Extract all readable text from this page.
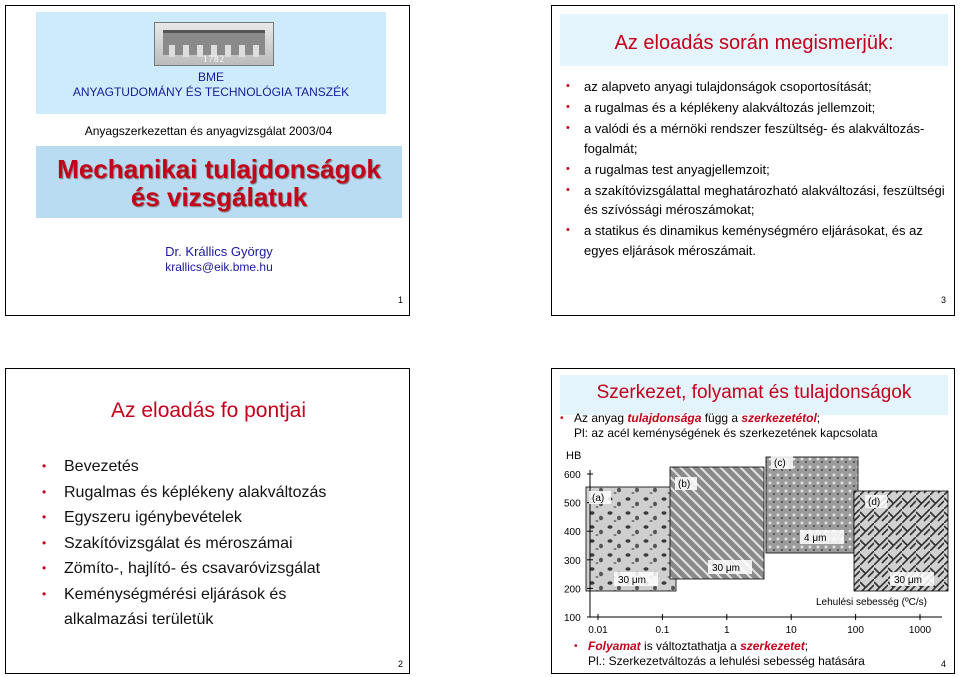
1782
BME
ANYAGTUDOMÁNY ÉS TECHNOLÓGIA TANSZÉK
Anyagszerkezettan és anyagvizsgálat 2003/04
Mechanikai tulajdonságok
és vizsgálatuk
Dr. Krállics György
krallics@eik.bme.hu
1
Az eloadás során megismerjük:
• az alapveto anyagi tulajdonságok csoportosítását;
• a rugalmas és a képlékeny alakváltozás jellemzoit;
• a valódi és a mérnöki rendszer feszültség- és alakváltozás-fogalmát;
• a rugalmas test anyagjellemzoit;
• a szakítóvizsgálattal meghatározható alakváltozási, feszültségi és szívóssági méroszámokat;
• a statikus és dinamikus keménységméro eljárásokat, és az egyes eljárások méroszámait.
3
Az eloadás fo pontjai
• Bevezetés
• Rugalmas és képlékeny alakváltozás
• Egyszeru igénybevételek
• Szakítóvizsgálat és méroszámai
• Zömíto-, hajlító- és csavaróvizsgálat
• Keménységmérési eljárások és alkalmazási területük
2
Szerkezet, folyamat és tulajdonságok
• Az anyag tulajdonsága függ a szerkezetétol;
Pl: az acél keménységének és szerkezetének kapcsolata
HB
600
500
400
300
200
100
0.01	0.1	1	10	100	1000
Lehulési sebesség (ºC/s)
(a)
30 μm
(b)
30 μm
(c)
4 μm
(d)
30 μm
• Folyamat is változtathatja a szerkezetet;
Pl.: Szerkezetváltozás a lehulési sebesség hatására	4
